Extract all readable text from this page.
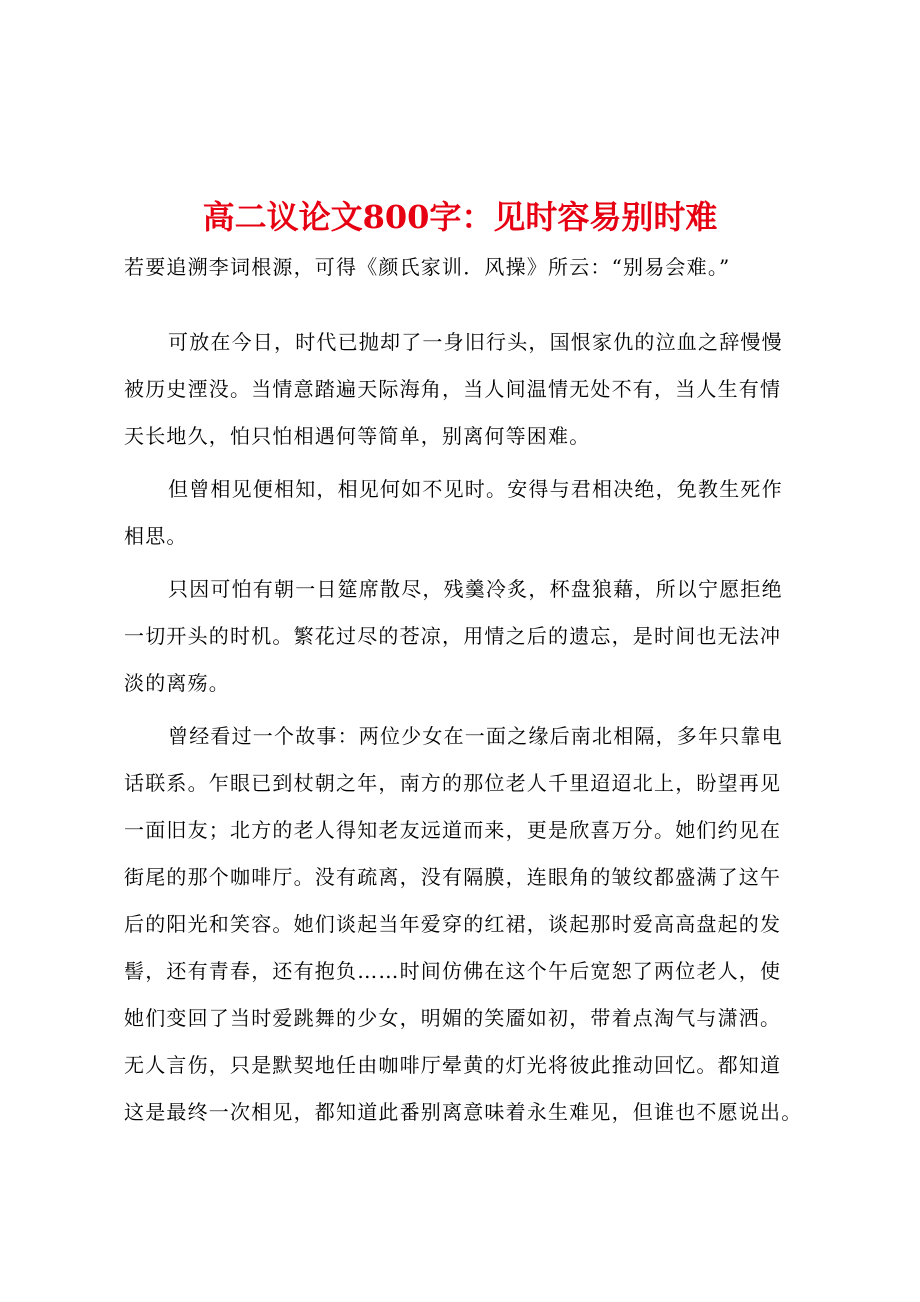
高二议论文800字：见时容易别时难
若要追溯李词根源，可得《颜氏家训．风操》所云：“别易会难。”
可放在今日，时代已抛却了一身旧行头，国恨家仇的泣血之辞慢慢
被历史湮没。当情意踏遍天际海角，当人间温情无处不有，当人生有情
天长地久，怕只怕相遇何等简单，别离何等困难。
但曾相见便相知，相见何如不见时。安得与君相决绝，免教生死作
相思。
只因可怕有朝一日筵席散尽，残羹冷炙，杯盘狼藉，所以宁愿拒绝
一切开头的时机。繁花过尽的苍凉，用情之后的遗忘，是时间也无法冲
淡的离殇。
曾经看过一个故事：两位少女在一面之缘后南北相隔，多年只靠电
话联系。乍眼已到杖朝之年，南方的那位老人千里迢迢北上，盼望再见
一面旧友；北方的老人得知老友远道而来，更是欣喜万分。她们约见在
街尾的那个咖啡厅。没有疏离，没有隔膜，连眼角的皱纹都盛满了这午
后的阳光和笑容。她们谈起当年爱穿的红裙，谈起那时爱高高盘起的发
髻，还有青春，还有抱负……时间仿佛在这个午后宽恕了两位老人，使
她们变回了当时爱跳舞的少女，明媚的笑靥如初，带着点淘气与潇洒。
无人言伤，只是默契地任由咖啡厅晕黄的灯光将彼此推动回忆。都知道
这是最终一次相见，都知道此番别离意味着永生难见，但谁也不愿说出。
